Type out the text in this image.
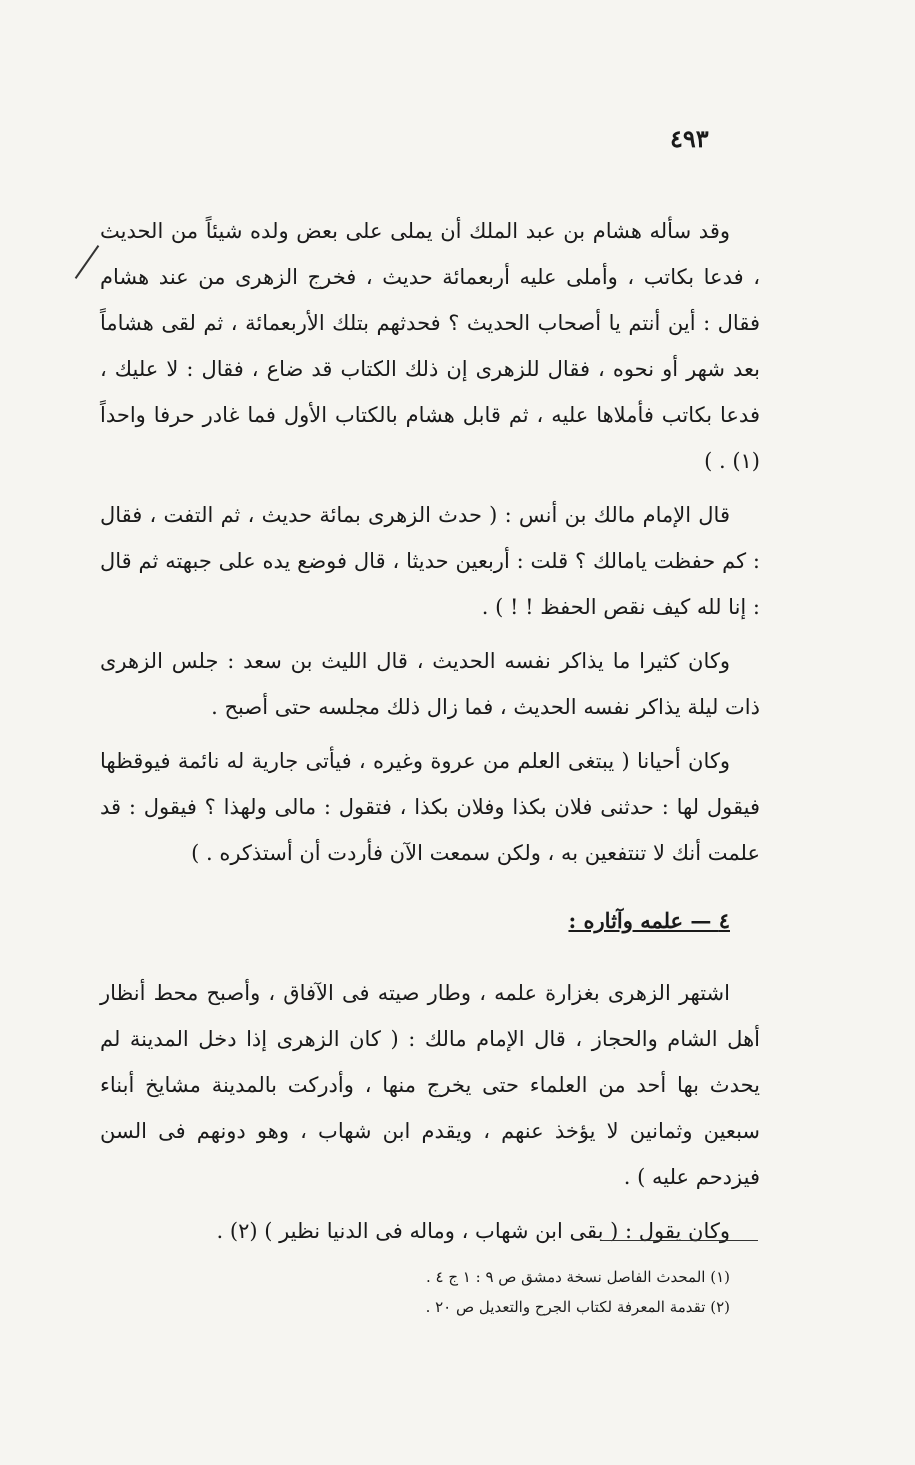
٤٩٣

وقد سأله هشام بن عبد الملك أن يملى على بعض ولده شيئاً من الحديث ، فدعا بكاتب ، وأملى عليه أربعمائة حديث ، فخرج الزهرى من عند هشام فقال : أين أنتم يا أصحاب الحديث ؟ فحدثهم بتلك الأربعمائة ، ثم لقى هشاماً بعد شهر أو نحوه ، فقال للزهرى إن ذلك الكتاب قد ضاع ، فقال : لا عليك ، فدعا بكاتب فأملاها عليه ، ثم قابل هشام بالكتاب الأول فما غادر حرفا واحداً (١) . )

قال الإمام مالك بن أنس : ( حدث الزهرى بمائة حديث ، ثم التفت ، فقال : كم حفظت يامالك ؟ قلت : أربعين حديثا ، قال فوضع يده على جبهته ثم قال : إنا لله كيف نقص الحفظ ! ! ) .

وكان كثيرا ما يذاكر نفسه الحديث ، قال الليث بن سعد : جلس الزهرى ذات ليلة يذاكر نفسه الحديث ، فما زال ذلك مجلسه حتى أصبح .

وكان أحيانا ( يبتغى العلم من عروة وغيره ، فيأتى جارية له نائمة فيوقظها فيقول لها : حدثنى فلان بكذا وفلان بكذا ، فتقول : مالى ولهذا ؟ فيقول : قد علمت أنك لا تنتفعين به ، ولكن سمعت الآن فأردت أن أستذكره . )

٤ — علمه وآثاره :

اشتهر الزهرى بغزارة علمه ، وطار صيته فى الآفاق ، وأصبح محط أنظار أهل الشام والحجاز ، قال الإمام مالك : ( كان الزهرى إذا دخل المدينة لم يحدث بها أحد من العلماء حتى يخرج منها ، وأدركت بالمدينة مشايخ أبناء سبعين وثمانين لا يؤخذ عنهم ، ويقدم ابن شهاب ، وهو دونهم فى السن فيزدحم عليه ) .

وكان يقول : ( بقى ابن شهاب ، وماله فى الدنيا نظير ) (٢) .

(١) المحدث الفاصل نسخة دمشق ص ٩ : ١ ج ٤ .

(٢) تقدمة المعرفة لكتاب الجرح والتعديل ص ٢٠ .
